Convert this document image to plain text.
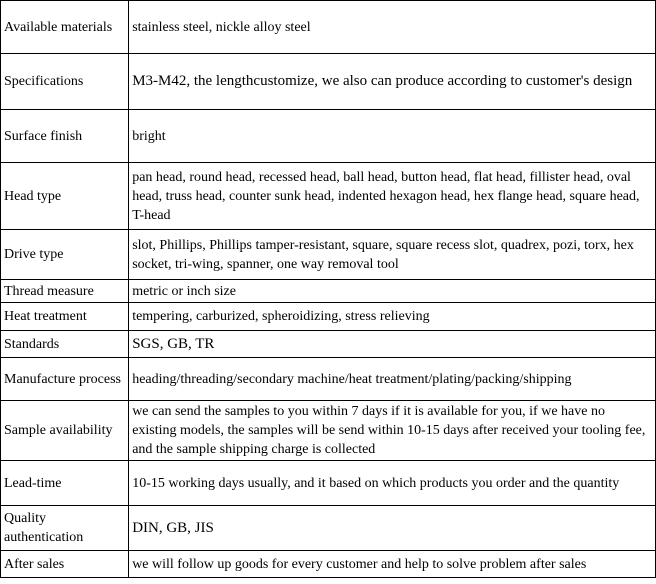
Available materials	stainless steel, nickle alloy steel
Specifications	M3-M42, the lengthcustomize, we also can produce according to customer's design
Surface finish	bright
Head type	pan head, round head, recessed head, ball head, button head, flat head, fillister head, oval head, truss head, counter sunk head, indented hexagon head, hex flange head, square head, T-head
Drive type	slot, Phillips, Phillips tamper-resistant, square, square recess slot, quadrex, pozi, torx, hex socket, tri-wing, spanner, one way removal tool
Thread measure	metric or inch size
Heat treatment	tempering, carburized, spheroidizing, stress relieving
Standards	SGS, GB, TR
Manufacture process	heading/threading/secondary machine/heat treatment/plating/packing/shipping
Sample availability	we can send the samples to you within 7 days if it is available for you, if we have no existing models, the samples will be send within 10-15 days after received your tooling fee, and the sample shipping charge is collected
Lead-time	10-15 working days usually, and it based on which products you order and the quantity
Quality authentication	DIN, GB, JIS
After sales	we will follow up goods for every customer and help to solve problem after sales
